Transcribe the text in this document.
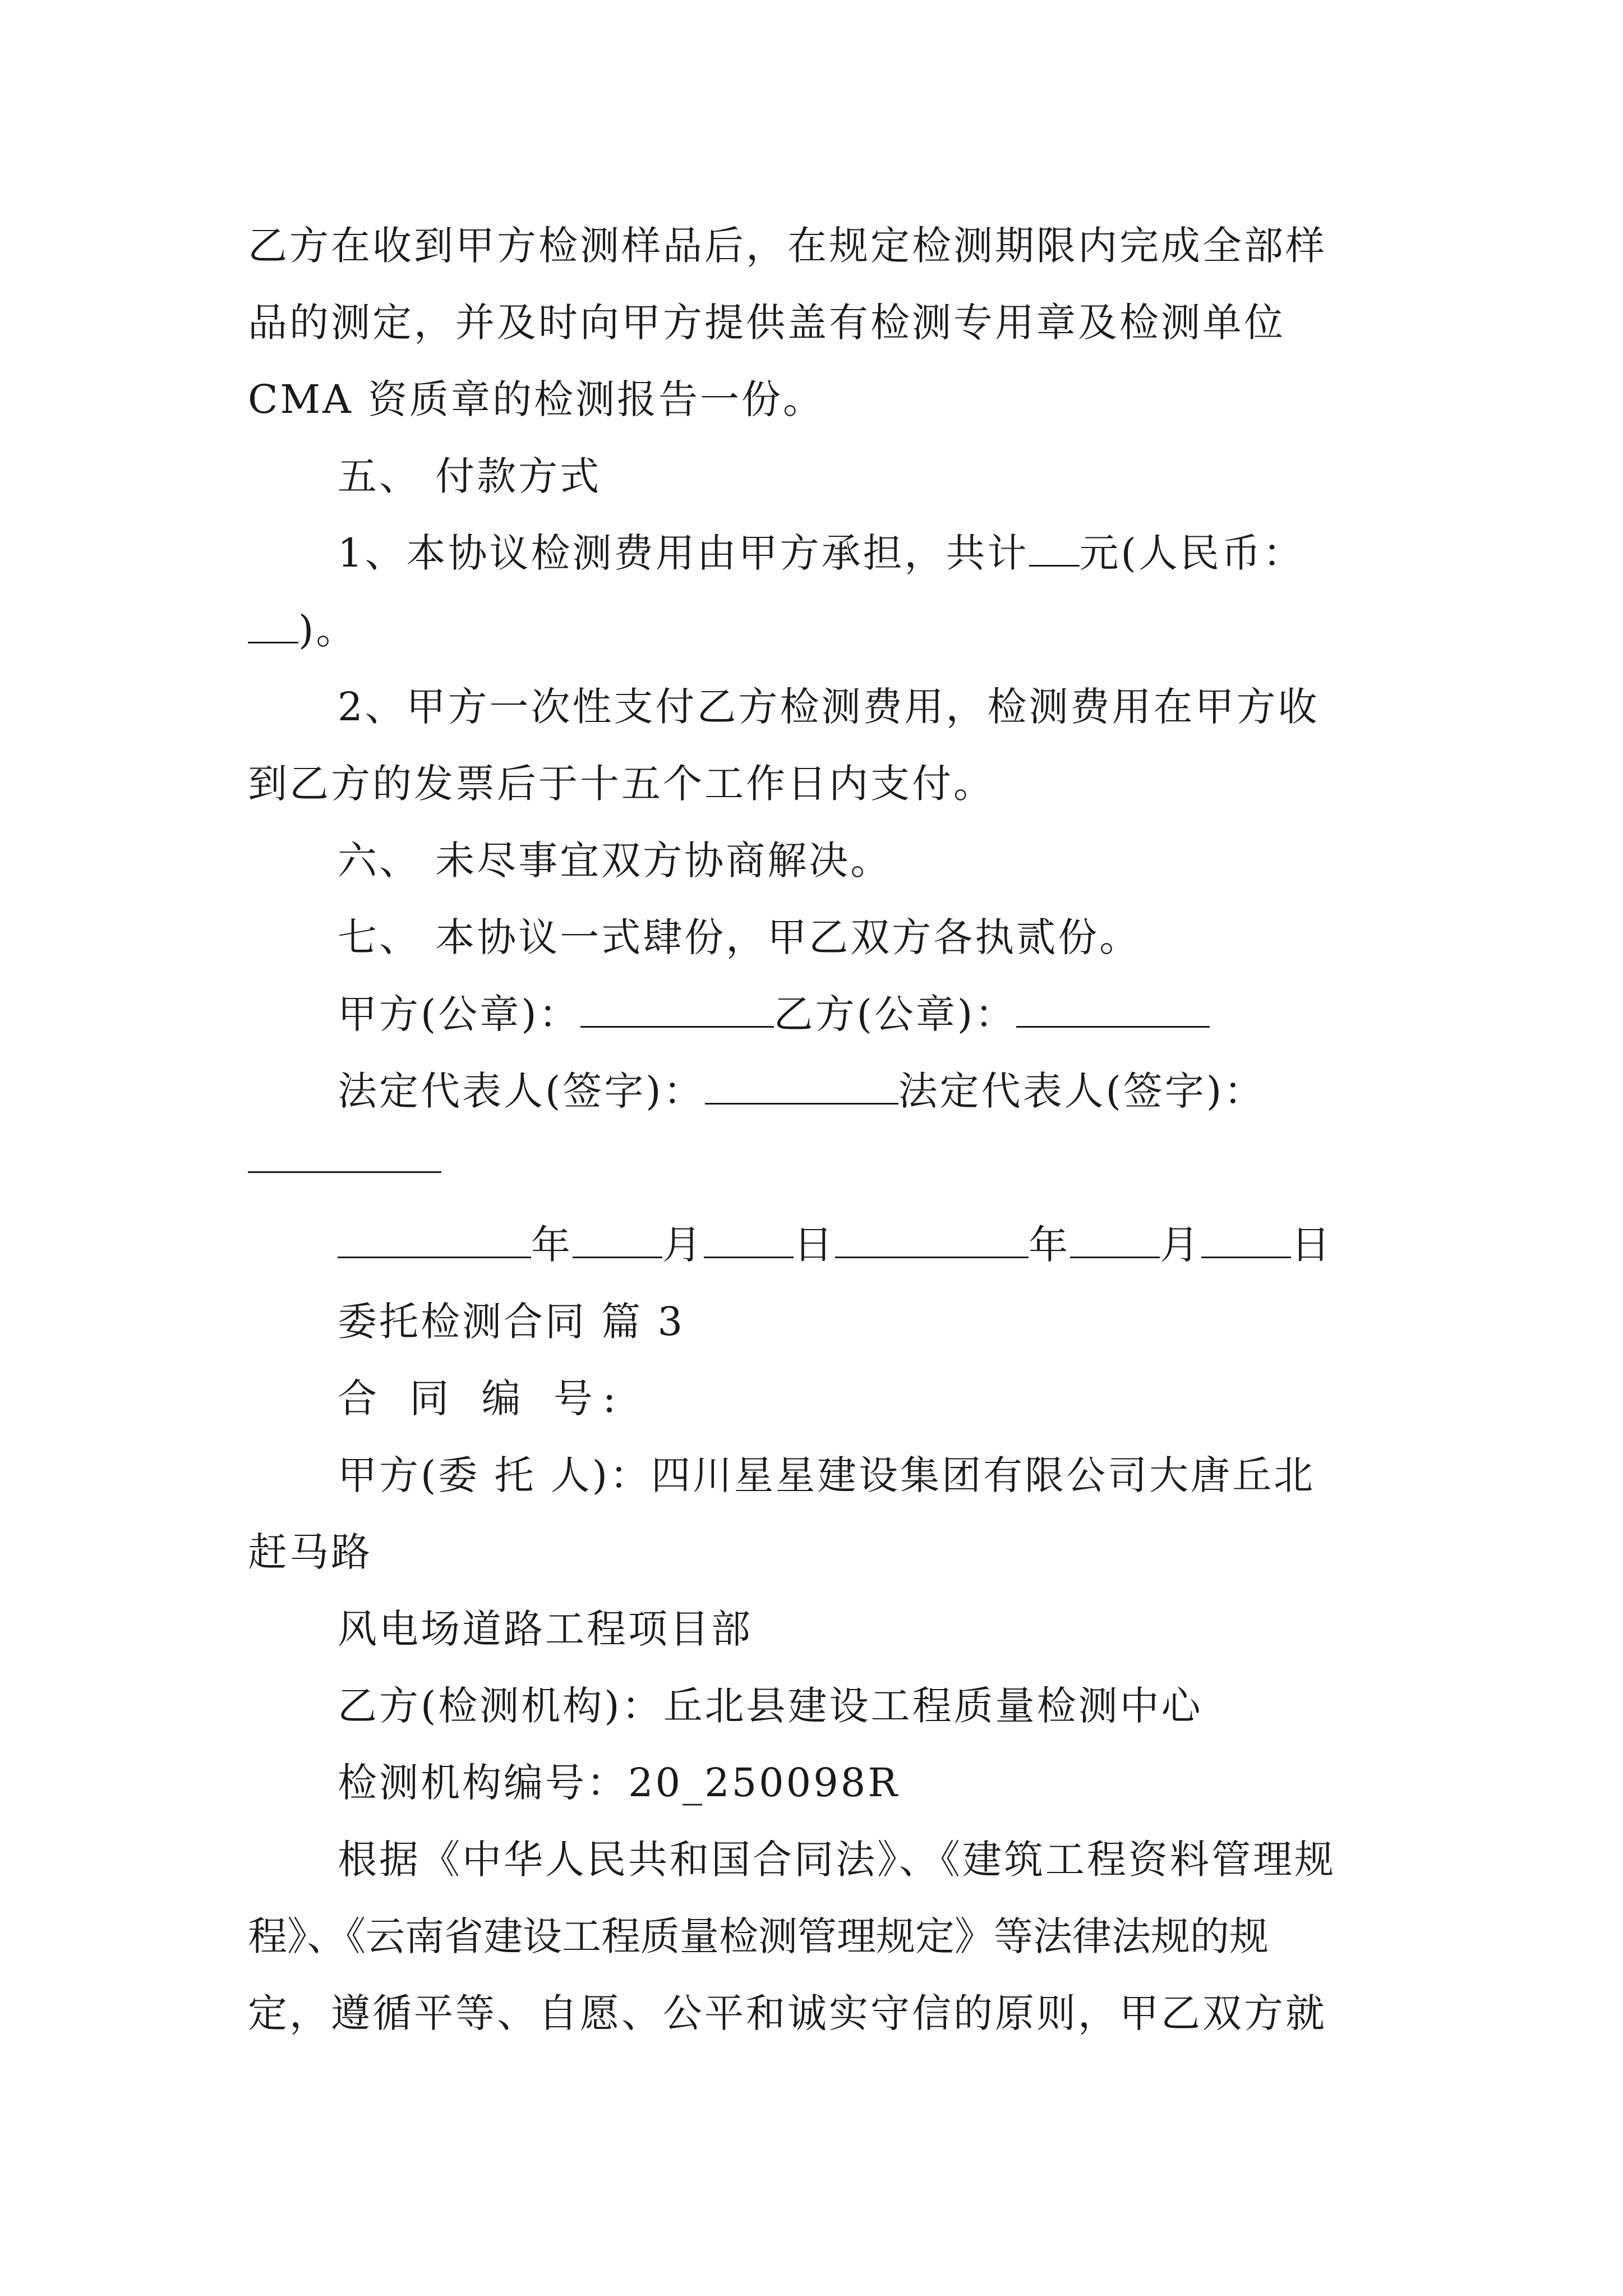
乙方在收到甲方检测样品后，在规定检测期限内完成全部样
品的测定，并及时向甲方提供盖有检测专用章及检测单位
CMA 资质章的检测报告一份。
五、 付款方式
1、本协议检测费用由甲方承担，共计 元(人民币：
)。
2、甲方一次性支付乙方检测费用，检测费用在甲方收
到乙方的发票后于十五个工作日内支付。
六、 未尽事宜双方协商解决。
七、 本协议一式肆份，甲乙双方各执贰份。
甲方(公章)：	乙方(公章)：
法定代表人(签字)：	法定代表人(签字)：
年 月 日	年 月 日
委托检测合同 篇 3
合 同 编 号:
甲方(委 托 人)：四川星星建设集团有限公司大唐丘北
赶马路
风电场道路工程项目部
乙方(检测机构)：丘北县建设工程质量检测中心
检测机构编号：20_250098R
根据《中华人民共和国合同法》、《建筑工程资料管理规
程》、《云南省建设工程质量检测管理规定》等法律法规的规
定，遵循平等、自愿、公平和诚实守信的原则，甲乙双方就
